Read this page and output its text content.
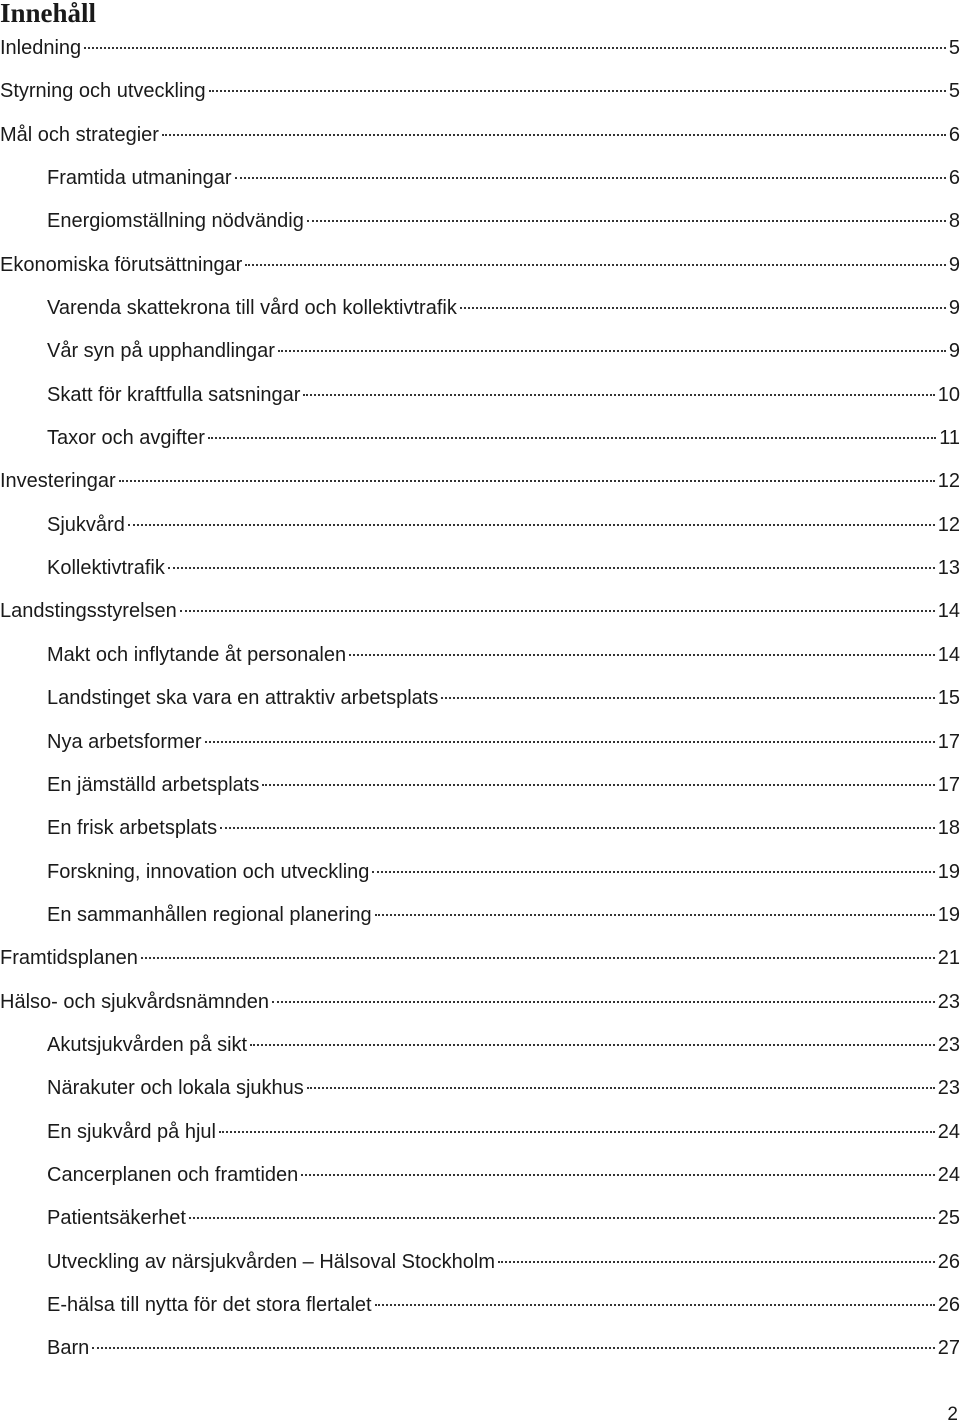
Innehåll
Inledning	5
Styrning och utveckling	5
Mål och strategier	6
Framtida utmaningar	6
Energiomställning nödvändig	8
Ekonomiska förutsättningar	9
Varenda skattekrona till vård och kollektivtrafik	9
Vår syn på upphandlingar	9
Skatt för kraftfulla satsningar	10
Taxor och avgifter	11
Investeringar	12
Sjukvård	12
Kollektivtrafik	13
Landstingsstyrelsen	14
Makt och inflytande åt personalen	14
Landstinget ska vara en attraktiv arbetsplats	15
Nya arbetsformer	17
En jämställd arbetsplats	17
En frisk arbetsplats	18
Forskning, innovation och utveckling	19
En sammanhållen regional planering	19
Framtidsplanen	21
Hälso- och sjukvårdsnämnden	23
Akutsjukvården på sikt	23
Närakuter och lokala sjukhus	23
En sjukvård på hjul	24
Cancerplanen och framtiden	24
Patientsäkerhet	25
Utveckling av närsjukvården – Hälsoval Stockholm	26
E-hälsa till nytta för det stora flertalet	26
Barn	27
2
